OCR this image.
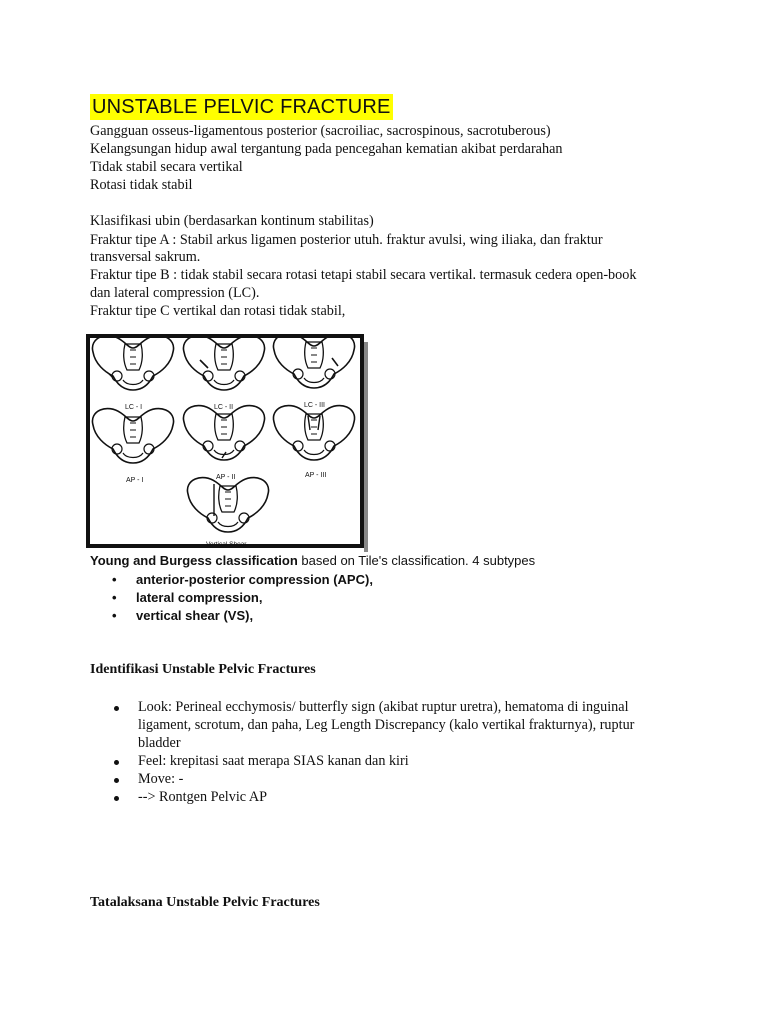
UNSTABLE PELVIC FRACTURE
Gangguan osseus-ligamentous posterior (sacroiliac, sacrospinous, sacrotuberous)
Kelangsungan hidup awal tergantung pada pencegahan kematian akibat perdarahan
Tidak stabil secara vertikal
Rotasi tidak stabil
Klasifikasi ubin (berdasarkan kontinum stabilitas)
Fraktur tipe A : Stabil arkus ligamen posterior utuh. fraktur avulsi, wing iliaka, dan fraktur
transversal sakrum.
Fraktur tipe B : tidak stabil secara rotasi tetapi stabil secara vertikal. termasuk cedera open-book
dan lateral compression (LC).
Fraktur tipe C vertikal dan rotasi tidak stabil,
LC - I	LC - II	LC - III
AP - I	AP - II	AP - III
Vertical Shear
Young and Burgess classification based on Tile's classification. 4 subtypes
• anterior-posterior compression (APC),
• lateral compression,
• vertical shear (VS),
Identifikasi Unstable Pelvic Fractures
Look: Perineal ecchymosis/ butterfly sign (akibat ruptur uretra), hematoma di inguinal
ligament, scrotum, dan paha, Leg Length Discrepancy (kalo vertikal frakturnya), ruptur
bladder
Feel: krepitasi saat merapa SIAS kanan dan kiri
Move: -
--> Rontgen Pelvic AP
Tatalaksana Unstable Pelvic Fractures
